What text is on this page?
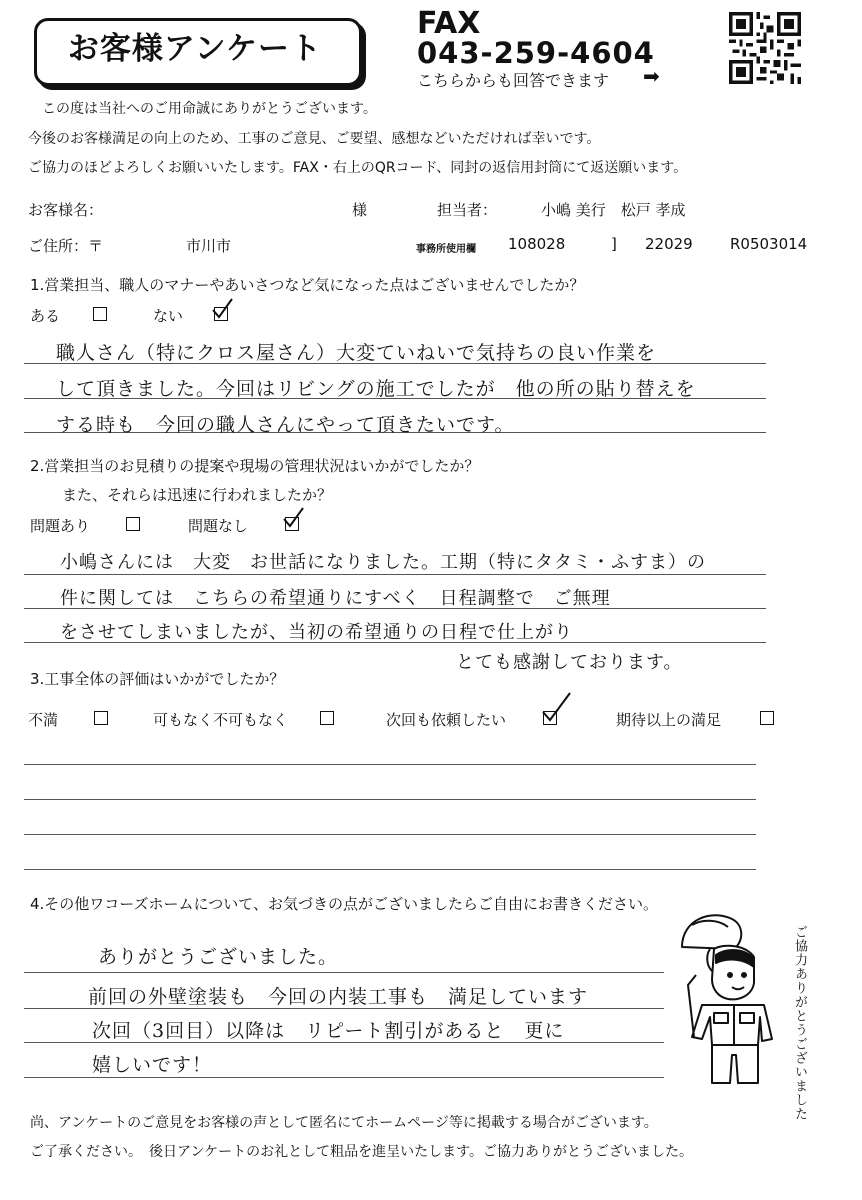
お客様アンケート
FAX
043-259-4604
こちらからも回答できます ➡
この度は当社へのご用命誠にありがとうございます。
今後のお客様満足の向上のため、工事のご意見、ご要望、感想などいただければ幸いです。
ご協力のほどよろしくお願いいたします。FAX・右上のQRコード、同封の返信用封筒にて返送願います。
お客様名：	様	担当者：	小嶋 美行　松戸 孝成
ご住所：〒	市川市	事務所使用欄 108028	] 22029 R0503014
1.営業担当、職人のマナーやあいさつなど気になった点はございませんでしたか？
ある	ない
職人さん（特にクロス屋さん）大変ていねいで気持ちの良い作業を
して頂きました。今回はリビングの施工でしたが　他の所の貼り替えを
する時も　今回の職人さんにやって頂きたいです。
2.営業担当のお見積りの提案や現場の管理状況はいかがでしたか？
また、それらは迅速に行われましたか？
問題あり	問題なし
小嶋さんには　大変　お世話になりました。工期（特にタタミ・ふすま）の
件に関しては　こちらの希望通りにすべく　日程調整で　ご無理
をさせてしまいましたが、当初の希望通りの日程で仕上がり
とても感謝しております。
3.工事全体の評価はいかがでしたか？
不満	可もなく不可もなく	次回も依頼したい	期待以上の満足
4.その他ワコーズホームについて、お気づきの点がございましたらご自由にお書きください。
ありがとうございました。
前回の外壁塗装も　今回の内装工事も　満足しています
次回（3回目）以降は　リピート割引があると　更に
嬉しいです！	ご協力ありがとうございました
尚、アンケートのご意見をお客様の声として匿名にてホームページ等に掲載する場合がございます。
ご了承ください。　後日アンケートのお礼として粗品を進呈いたします。ご協力ありがとうございました。
